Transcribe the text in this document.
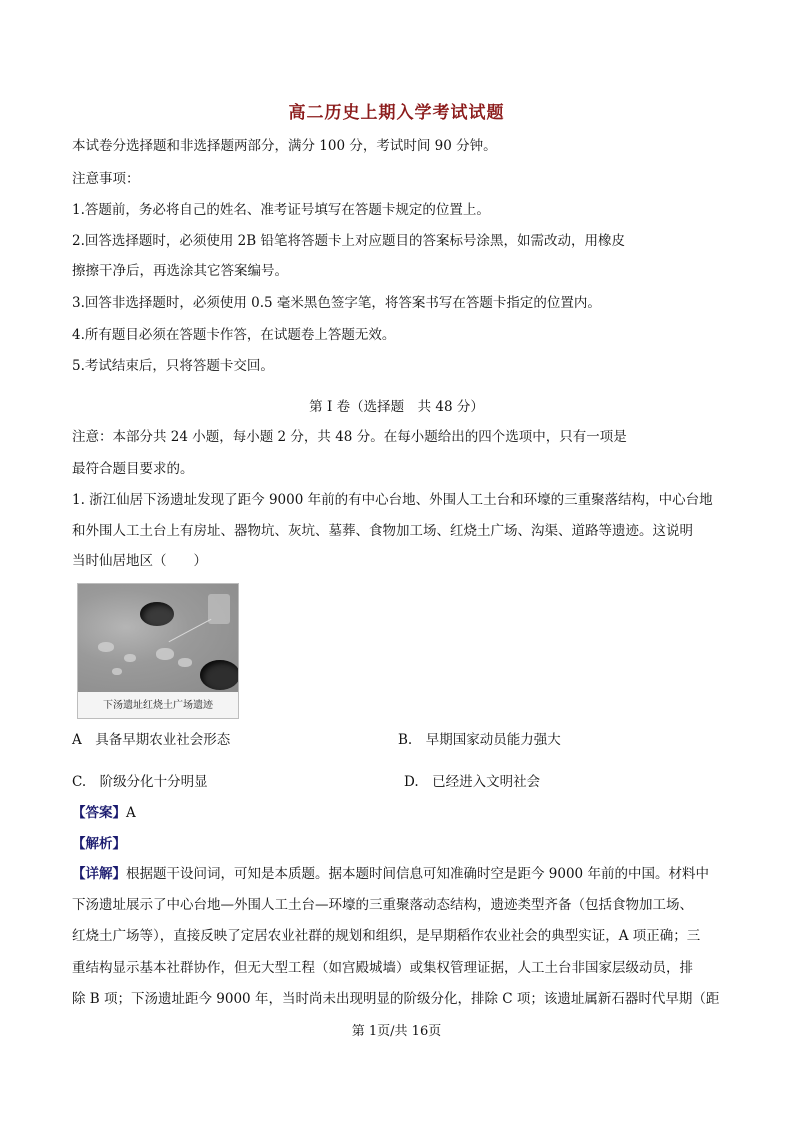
高二历史上期入学考试试题
本试卷分选择题和非选择题两部分，满分 100 分，考试时间 90 分钟。
注意事项：
1.答题前，务必将自己的姓名、准考证号填写在答题卡规定的位置上。
2.回答选择题时，必须使用 2B 铅笔将答题卡上对应题目的答案标号涂黑，如需改动，用橡皮
擦擦干净后，再选涂其它答案编号。
3.回答非选择题时，必须使用 0.5 毫米黑色签字笔，将答案书写在答题卡指定的位置内。
4.所有题目必须在答题卡作答，在试题卷上答题无效。
5.考试结束后，只将答题卡交回。
第 I 卷（选择题　共 48 分）
注意：本部分共 24 小题，每小题 2 分，共 48 分。在每小题给出的四个选项中，只有一项是
最符合题目要求的。
1. 浙江仙居下汤遗址发现了距今 9000 年前的有中心台地、外围人工土台和环壕的三重聚落结构，中心台地
和外围人工土台上有房址、器物坑、灰坑、墓葬、食物加工场、红烧土广场、沟渠、道路等遗迹。这说明
当时仙居地区（　　）
下汤遗址红烧土广场遗迹
A　具备早期农业社会形态	B.　早期国家动员能力强大
C.　阶级分化十分明显	D.　已经进入文明社会
【答案】A
【解析】
【详解】根据题干设问词，可知是本质题。据本题时间信息可知准确时空是距今 9000 年前的中国。材料中
下汤遗址展示了中心台地—外围人工土台—环壕的三重聚落动态结构，遗迹类型齐备（包括食物加工场、
红烧土广场等），直接反映了定居农业社群的规划和组织，是早期稻作农业社会的典型实证，A 项正确；三
重结构显示基本社群协作，但无大型工程（如宫殿城墙）或集权管理证据，人工土台非国家层级动员，排
除 B 项；下汤遗址距今 9000 年，当时尚未出现明显的阶级分化，排除 C 项；该遗址属新石器时代早期（距
第 1页/共 16页
